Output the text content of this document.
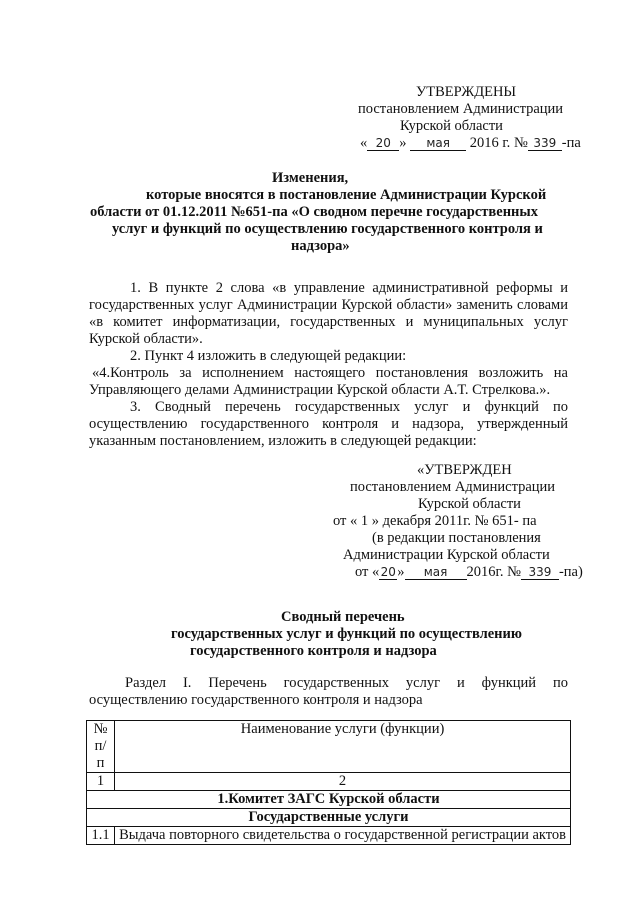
УТВЕРЖДЕНЫ
постановлением Администрации
Курской области
« 20 » мая 2016 г. № 339 -па
Изменения,
которые вносятся в постановление Администрации Курской
области от 01.12.2011 №651-па «О сводном перечне государственных
услуг и функций по осуществлению государственного контроля и
надзора»
1. В пункте 2 слова «в управление административной реформы и
государственных услуг Администрации Курской области» заменить словами
«в комитет информатизации, государственных и муниципальных услуг
Курской области».
2. Пункт 4 изложить в следующей редакции:
«4.Контроль за исполнением настоящего постановления возложить на
Управляющего делами Администрации Курской области А.Т. Стрелкова.».
3. Сводный перечень государственных услуг и функций по
осуществлению государственного контроля и надзора, утвержденный
указанным постановлением, изложить в следующей редакции:
«УТВЕРЖДЕН
постановлением Администрации
Курской области
от « 1 » декабря 2011г. № 651- па
(в редакции постановления
Администрации Курской области
от «20» мая 2016г. № 339 -па)
Сводный перечень
государственных услуг и функций по осуществлению
государственного контроля и надзора
Раздел I. Перечень государственных услуг и функций по
осуществлению государственного контроля и надзора
№ п/п	Наименование услуги (функции)
1	2
1.Комитет ЗАГС Курской области	
Государственные услуги	
1.1	Выдача повторного свидетельства о государственной регистрации актов
